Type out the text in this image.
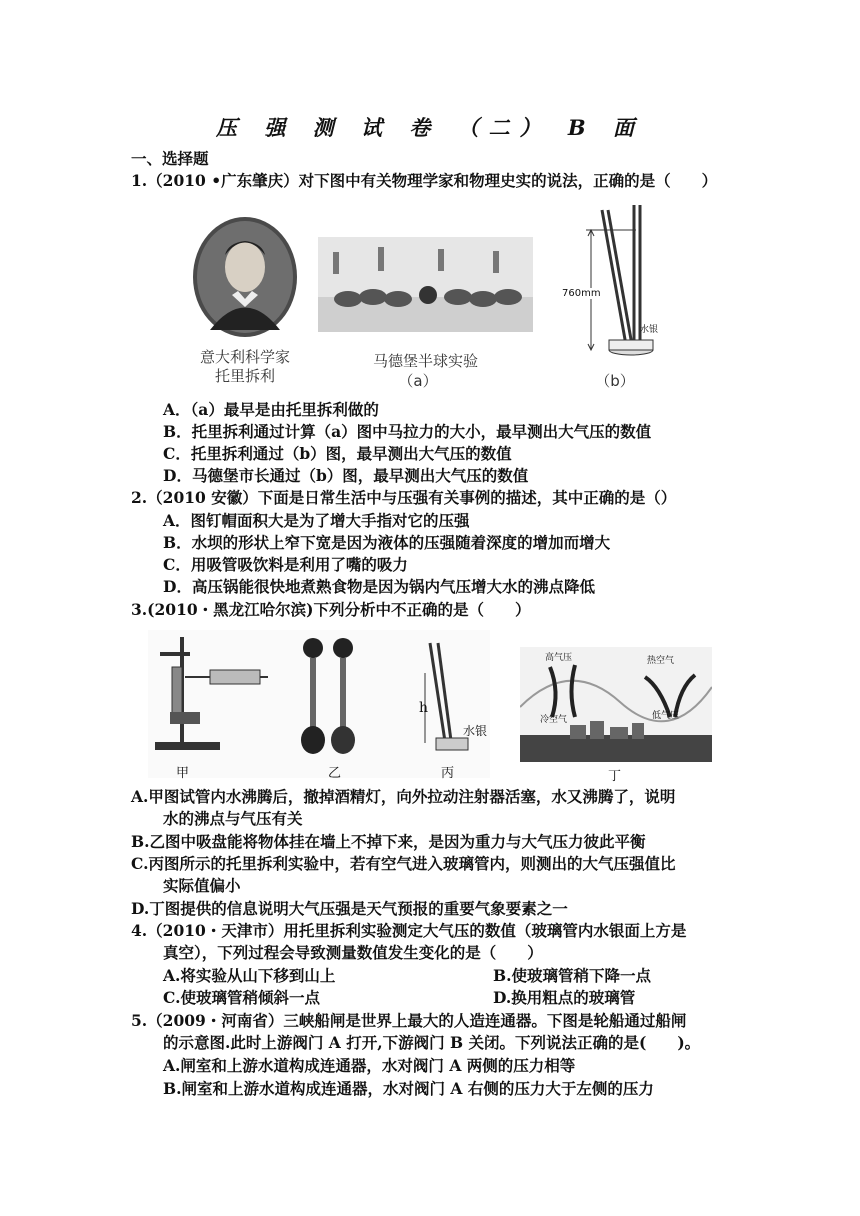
压 强 测 试 卷 （二） B 面
一、选择题
1.（2010 •广东肇庆）对下图中有关物理学家和物理史实的说法，正确的是（　　）
意大利科学家
托里拆利
马德堡半球实验
（a）
760mm
水银
（b）
A．（a）最早是由托里拆利做的
B．托里拆利通过计算（a）图中马拉力的大小，最早测出大气压的数值
C．托里拆利通过（b）图，最早测出大气压的数值
D．马德堡市长通过（b）图，最早测出大气压的数值
2.（2010 安徽）下面是日常生活中与压强有关事例的描述，其中正确的是（）
A．图钉帽面积大是为了增大手指对它的压强
B．水坝的形状上窄下宽是因为液体的压强随着深度的增加而增大
C．用吸管吸饮料是利用了嘴的吸力
D．高压锅能很快地煮熟食物是因为锅内气压增大水的沸点降低
3.(2010・黑龙江哈尔滨)下列分析中不正确的是（　　）
h
水银
高气压	热空气
冷空气	低气压
甲	乙	丙	丁
A.甲图试管内水沸腾后，撤掉酒精灯，向外拉动注射器活塞，水又沸腾了，说明
水的沸点与气压有关
B.乙图中吸盘能将物体挂在墙上不掉下来，是因为重力与大气压力彼此平衡
C.丙图所示的托里拆利实验中，若有空气进入玻璃管内，则测出的大气压强值比
实际值偏小
D.丁图提供的信息说明大气压强是天气预报的重要气象要素之一
4.（2010・天津市）用托里拆利实验测定大气压的数值（玻璃管内水银面上方是
真空），下列过程会导致测量数值发生变化的是（　　）
A.将实验从山下移到山上	B.使玻璃管稍下降一点
C.使玻璃管稍倾斜一点	D.换用粗点的玻璃管
5.（2009・河南省）三峡船闸是世界上最大的人造连通器。下图是轮船通过船闸
的示意图.此时上游阀门 A 打开,下游阀门 B 关闭。下列说法正确的是(　　)。
A.闸室和上游水道构成连通器，水对阀门 A 两侧的压力相等
B.闸室和上游水道构成连通器，水对阀门 A 右侧的压力大于左侧的压力
